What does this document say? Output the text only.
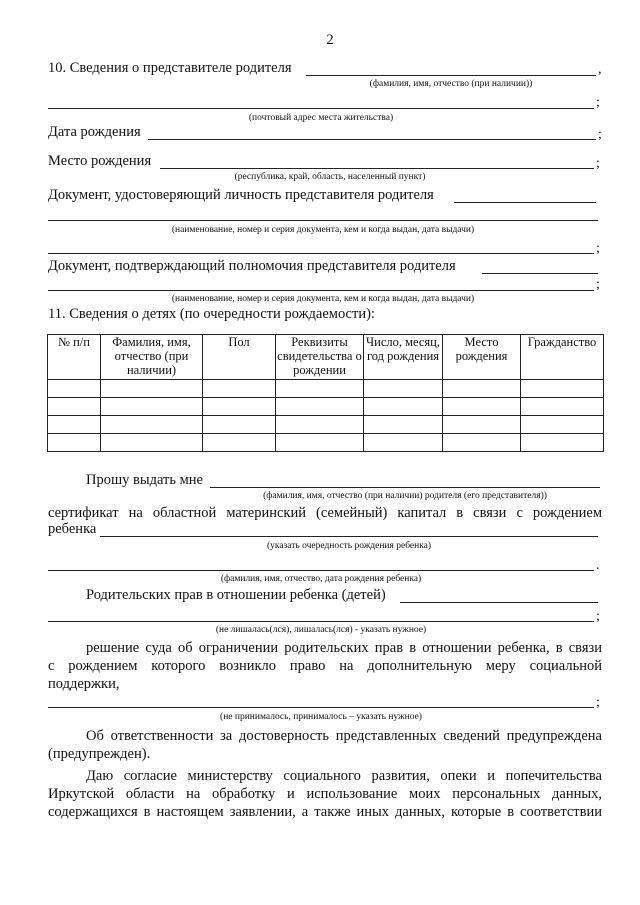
2
10. Сведения о представителе родителя	,
(фамилия, имя, отчество (при наличии))
;
(почтовый адрес места жительства)
Дата рождения	;
Место рождения	;
(республика, край, область, населенный пункт)
Документ, удостоверяющий личность представителя родителя
(наименование, номер и серия документа, кем и когда выдан, дата выдачи)
;
Документ, подтверждающий полномочия представителя родителя
;
(наименование, номер и серия документа, кем и когда выдан, дата выдачи)
11. Сведения о детях (по очередности рождаемости):
№ п/п	Фамилия, имя, отчество (при наличии)	Пол	Реквизиты свидетельства о рождении	Число, месяц, год рождения	Место рождения	Гражданство

Прошу выдать мне
(фамилия, имя, отчество (при наличии) родителя (его представителя))
сертификат на областной материнский (семейный) капитал в связи с рождением
ребенка
(указать очередность рождения ребенка)
.
(фамилия, имя, отчество, дата рождения ребенка)
Родительских прав в отношении ребенка (детей)
;
(не лишалась(лся), лишалась(лся) - указать нужное)
решение суда об ограничении родительских прав в отношении ребенка, в связи
с рождением которого возникло право на дополнительную меру социальной
поддержки,
;
(не принималось, принималось – указать нужное)
Об ответственности за достоверность представленных сведений предупреждена
(предупрежден).
Даю согласие министерству социального развития, опеки и попечительства
Иркутской области на обработку и использование моих персональных данных,
содержащихся в настоящем заявлении, а также иных данных, которые в соответствии
